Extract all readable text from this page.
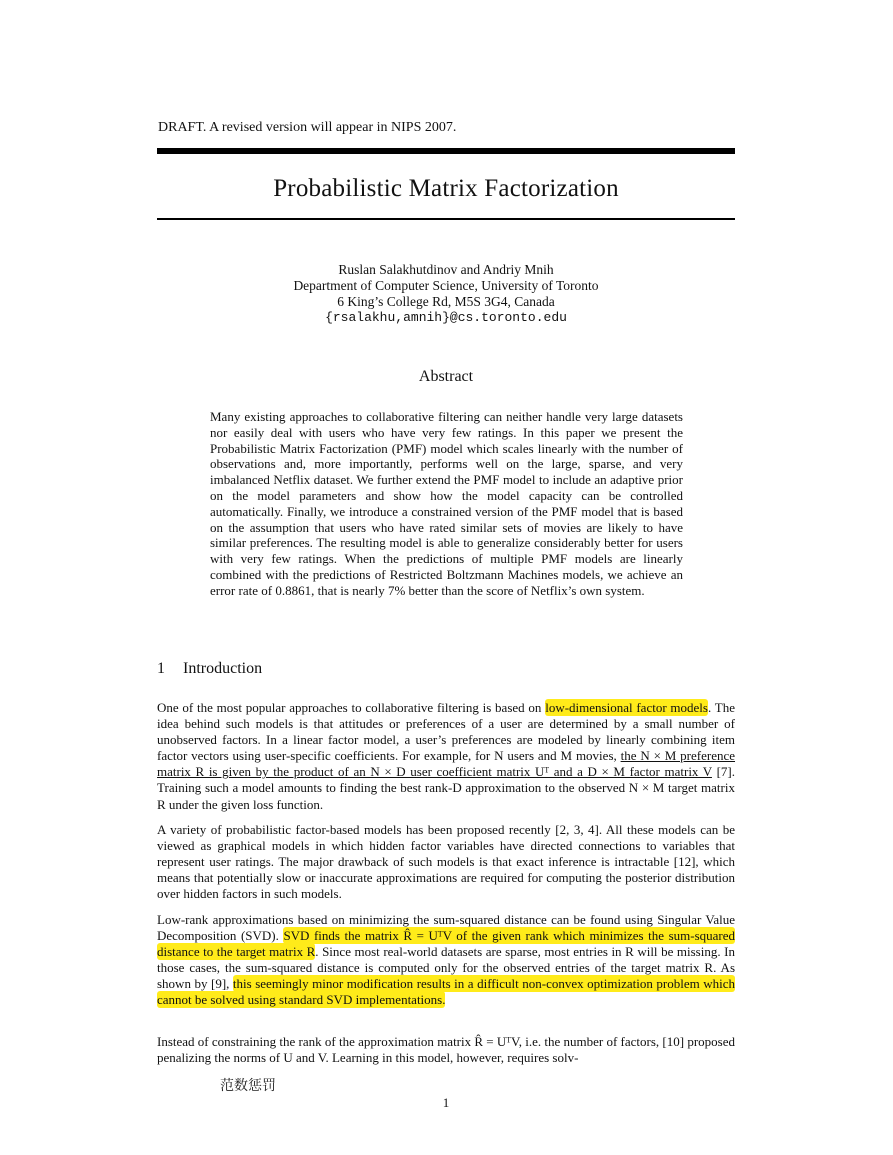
DRAFT. A revised version will appear in NIPS 2007.
Probabilistic Matrix Factorization
Ruslan Salakhutdinov and Andriy Mnih
Department of Computer Science, University of Toronto
6 King’s College Rd, M5S 3G4, Canada
{rsalakhu,amnih}@cs.toronto.edu
Abstract

Many existing approaches to collaborative filtering can neither handle very large datasets nor easily deal with users who have very few ratings. In this paper we present the Probabilistic Matrix Factorization (PMF) model which scales linearly with the number of observations and, more importantly, performs well on the large, sparse, and very imbalanced Netflix dataset. We further extend the PMF model to include an adaptive prior on the model parameters and show how the model capacity can be controlled automatically. Finally, we introduce a constrained version of the PMF model that is based on the assumption that users who have rated similar sets of movies are likely to have similar preferences. The resulting model is able to generalize considerably better for users with very few ratings. When the predictions of multiple PMF models are linearly combined with the predictions of Restricted Boltzmann Machines models, we achieve an error rate of 0.8861, that is nearly 7% better than the score of Netflix’s own system.

1 Introduction

One of the most popular approaches to collaborative filtering is based on low-dimensional factor models. The idea behind such models is that attitudes or preferences of a user are determined by a small number of unobserved factors. In a linear factor model, a user’s preferences are modeled by linearly combining item factor vectors using user-specific coefficients. For example, for N users and M movies, the N × M preference matrix R is given by the product of an N × D user coefficient matrix Uᵀ and a D × M factor matrix V [7]. Training such a model amounts to finding the best rank-D approximation to the observed N × M target matrix R under the given loss function.

A variety of probabilistic factor-based models has been proposed recently [2, 3, 4]. All these models can be viewed as graphical models in which hidden factor variables have directed connections to variables that represent user ratings. The major drawback of such models is that exact inference is intractable [12], which means that potentially slow or inaccurate approximations are required for computing the posterior distribution over hidden factors in such models.

Low-rank approximations based on minimizing the sum-squared distance can be found using Singular Value Decomposition (SVD). SVD finds the matrix R̂ = UᵀV of the given rank which minimizes the sum-squared distance to the target matrix R. Since most real-world datasets are sparse, most entries in R will be missing. In those cases, the sum-squared distance is computed only for the observed entries of the target matrix R. As shown by [9], this seemingly minor modification results in a difficult non-convex optimization problem which cannot be solved using standard SVD implementations.

Instead of constraining the rank of the approximation matrix R̂ = UᵀV, i.e. the number of factors, [10] proposed penalizing the norms of U and V. Learning in this model, however, requires solv-

范数惩罚
1
